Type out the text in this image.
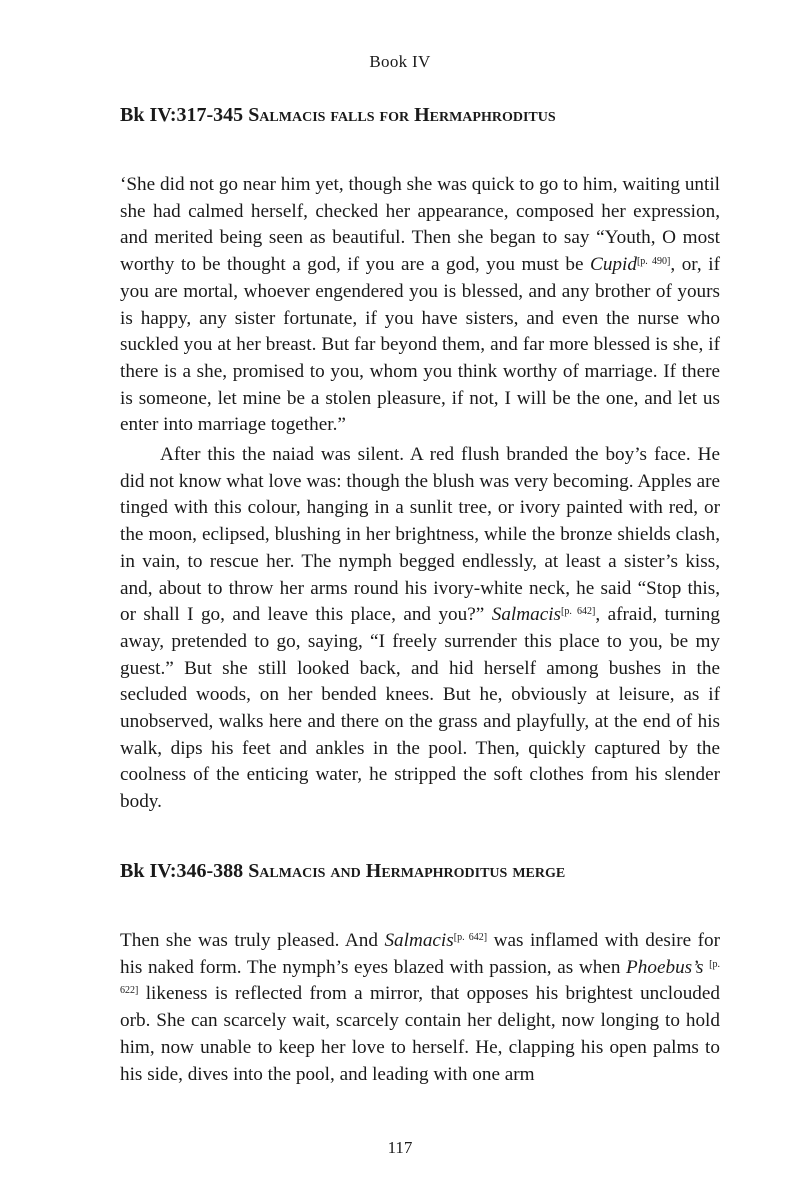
Book IV
Bk IV:317-345 Salmacis falls for Hermaphroditus

‘She did not go near him yet, though she was quick to go to him, waiting until she had calmed herself, checked her appearance, composed her expression, and merited being seen as beautiful. Then she began to say “Youth, O most worthy to be thought a god, if you are a god, you must be Cupid[p. 490], or, if you are mortal, whoever engendered you is blessed, and any brother of yours is happy, any sister fortunate, if you have sisters, and even the nurse who suckled you at her breast. But far beyond them, and far more blessed is she, if there is a she, promised to you, whom you think worthy of marriage. If there is someone, let mine be a stolen pleasure, if not, I will be the one, and let us enter into marriage together.”

After this the naiad was silent. A red flush branded the boy’s face. He did not know what love was: though the blush was very becoming. Apples are tinged with this colour, hanging in a sunlit tree, or ivory painted with red, or the moon, eclipsed, blushing in her brightness, while the bronze shields clash, in vain, to rescue her. The nymph begged endlessly, at least a sister’s kiss, and, about to throw her arms round his ivory-white neck, he said “Stop this, or shall I go, and leave this place, and you?” Salmacis[p. 642], afraid, turning away, pretended to go, saying, “I freely surrender this place to you, be my guest.” But she still looked back, and hid herself among bushes in the secluded woods, on her bended knees. But he, obviously at leisure, as if unobserved, walks here and there on the grass and playfully, at the end of his walk, dips his feet and ankles in the pool. Then, quickly captured by the coolness of the enticing water, he stripped the soft clothes from his slender body.

Bk IV:346-388 Salmacis and Hermaphroditus merge

Then she was truly pleased. And Salmacis[p. 642] was inflamed with desire for his naked form. The nymph’s eyes blazed with passion, as when Phoebus’s [p. 622] likeness is reflected from a mirror, that opposes his brightest unclouded orb. She can scarcely wait, scarcely contain her delight, now longing to hold him, now unable to keep her love to herself. He, clapping his open palms to his side, dives into the pool, and leading with one arm

117
